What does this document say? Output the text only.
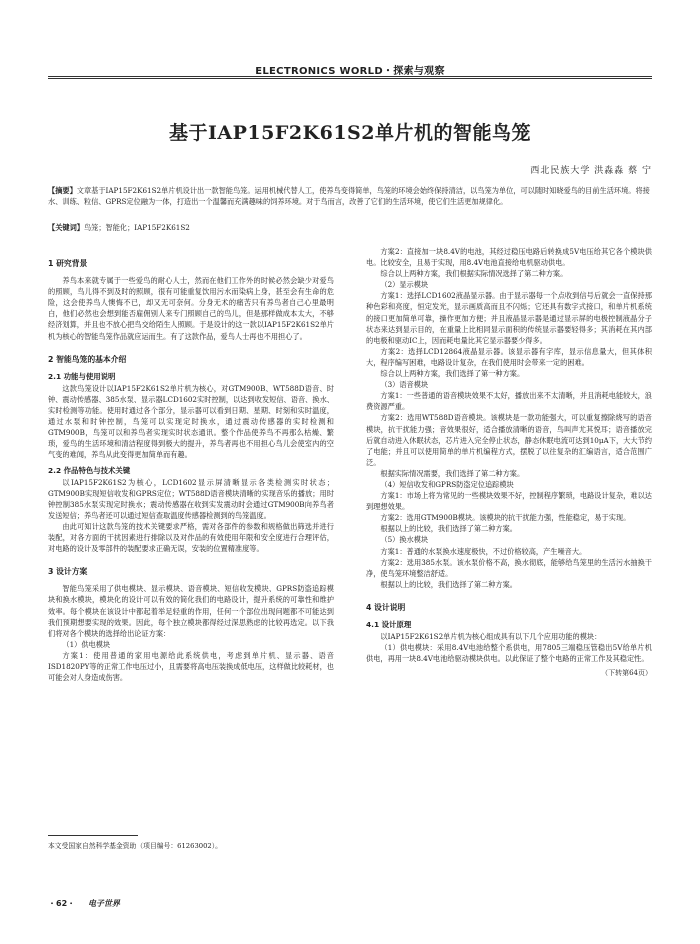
ELECTRONICS WORLD・探索与观察
基于IAP15F2K61S2单片机的智能鸟笼
西北民族大学 洪淼淼 蔡 宁
【摘要】文章基于IAP15F2K61S2单片机设计出一款智能鸟笼。运用机械代替人工，使养鸟变得简单，鸟笼的环境会始终保持清洁，以鸟笼为单位，可以随时知晓爱鸟的目前生活环境。将接水、训练、粒信、GPRS定位融为一体，打造出一个温馨而充满趣味的饲养环境。对于鸟而言，改善了它们的生活环境，使它们生活更加规律化。
【关键词】鸟笼；智能化；IAP15F2K61S2
1 研究背景

养鸟本来就专属于一些爱鸟的耐心人士，然而在他们工作外的时候必然会缺少对爱鸟的照顾，鸟儿得不到及时的照顾，很有可能重复饮用污水而染病上身，甚至会有生命的危险，这会使养鸟人懊悔不已，却又无可奈何。分身无术的痛苦只有养鸟者自己心里最明白，他们必然也会想到能否雇佣别人来专门照顾自己的鸟儿，但是那样做成本太大，不够经济划算，并且也不放心把鸟交给陌生人照顾。于是设计的这一款以IAP15F2K61S2单片机为核心的智能鸟笼作品就应运而生。有了这款作品，爱鸟人士再也不用担心了。

2 智能鸟笼的基本介绍
2.1 功能与使用说明

这款鸟笼设计以IAP15F2K61S2单片机为核心，对GTM900B、WT588D语音、时钟、震动传感器、385水泵、显示器LCD1602实时控制，以达到收发短信、语音、换水、实时检测等功能。使用时通过各个部分，显示器可以看到日期、星期、时刻和实时温度，通过水泵和时钟控制，鸟笼可以实现定时换水，通过震动传感器的实时检测和GTM900B，鸟笼可以和养鸟者实现实时状态通讯。整个作品使养鸟不再那么枯燥、繁琐，爱鸟的生活环境和清洁程度得到极大的提升，养鸟者再也不用担心鸟儿会使室内的空气变的难闻，养鸟从此变得更加简单而有趣。

2.2 作品特色与技术关键

以IAP15F2K61S2为核心，LCD1602显示屏清晰显示各类检测实时状态；GTM900B实现短信收发和GPRS定位；WT588D语音模块清晰的实现音乐的播放；用时钟控制385水泵实现定时换水；震动传感器在收到实发震动时会通过GTM900B向养鸟者发送短信；养鸟者还可以通过短信查取温度传感器检测到的鸟笼温度。

由此可知计这款鸟笼的技术关键要求严格，需对各部件的参数和规格做出筛选并进行装配，对各方面的干扰因素进行排除以及对作品的有效使用年限和安全度进行合理评估，对电路的设计及零部件的装配要求正确无误，安装的位置精准度等。

3 设计方案

智能鸟笼采用了供电模块、显示模块、语音模块、短信收发模块、GPRS防盗追踪模块和换水模块，模块化的设计可以有效的简化我们的电路设计，提升系统的可靠性和维护效率。每个模块在该设计中都起着举足轻重的作用，任何一个部位出现问题都不可能达到我们预期想要实现的效果。因此，每个独立模块都得经过深思熟虑的比较再选定。以下我们将对各个模块的选择给出论证方案：

（1）供电模块

方案1：使用普通的家用电源给此系统供电，考虑到单片机、显示器、语音ISD1820PY等的正常工作电压过小，且需要将高电压装换成低电压，这样做比较耗材，也可能会对人身造成伤害。

方案2：直接加一块8.4V的电池，其经过稳压电路后转换成5V电压给其它各个模块供电。比较安全，且易于实现，用8.4V电池直接给电机驱动供电。

综合以上两种方案，我们根据实际情况选择了第二种方案。

（2）显示模块

方案1：选择LCD1602液晶显示器。由于显示器每一个点收到信号后就会一直保持那种色彩和亮度，恒定发光，显示画质高而且不闪烁；它还具有数字式接口，和单片机系统的接口更加简单可靠，操作更加方便；并且液晶显示器是通过显示屏的电极控制液晶分子状态来达到显示目的，在重量上比相同显示面积的传统显示器要轻得多；其消耗在其内部的电极和驱动IC上，因而耗电量比其它显示器要少得多。

方案2：选择LCD12864液晶显示器。该显示器有字库，显示信息量大，但其体积大，程序编写困难，电路设计复杂，在我们使用时会带来一定的困难。

综合以上两种方案，我们选择了第一种方案。

（3）语音模块

方案1：一些普通的语音模块效果不太好，播放出来不太清晰，并且消耗电能较大，浪费资源严重。

方案2：选用WT588D语音模块。该模块是一款功能强大，可以重复擦除烧写的语音模块，抗干扰能力强；音效果很好，适合播放清晰的语音，鸟叫声尤其悦耳；语音播放完后就自动进入休眠状态，芯片进入完全停止状态，静态休眠电流可达到10μA下，大大节约了电能；并且可以使用简单的单片机编程方式，摆脱了以往复杂的汇编语言，适合范围广泛。

根据实际情况需要，我们选择了第二种方案。

（4）短信收发和GPRS防盗定位追踪模块

方案1：市场上将为常见的一些模块效果不好，控制程序繁琐，电路设计复杂，难以达到理想效果。

方案2：选用GTM900B模块。该模块的抗干扰能力强，性能稳定，易于实现。

根据以上的比较，我们选择了第二种方案。

（5）换水模块

方案1：普通的水泵换水速度极快，不过价格较高，产生噪音大。

方案2：选用385水泵。该水泵价格不高，换水彻底，能够给鸟笼里的生活污水抽换干净，使鸟笼环境整洁舒适。

根据以上的比较，我们选择了第二种方案。

4 设计说明
4.1 设计原理

以IAP15F2K61S2单片机为核心组成具有以下几个应用功能的模块：

（1）供电模块：采用8.4V电池给整个系供电，用7805三端稳压管稳出5V给单片机供电，再用一块8.4V电池给驱动模块供电。以此保证了整个电路的正常工作及其稳定性。

（下转第64页）
本文受国家自然科学基金资助（项目编号：61263002）。
・62・ 电子世界
